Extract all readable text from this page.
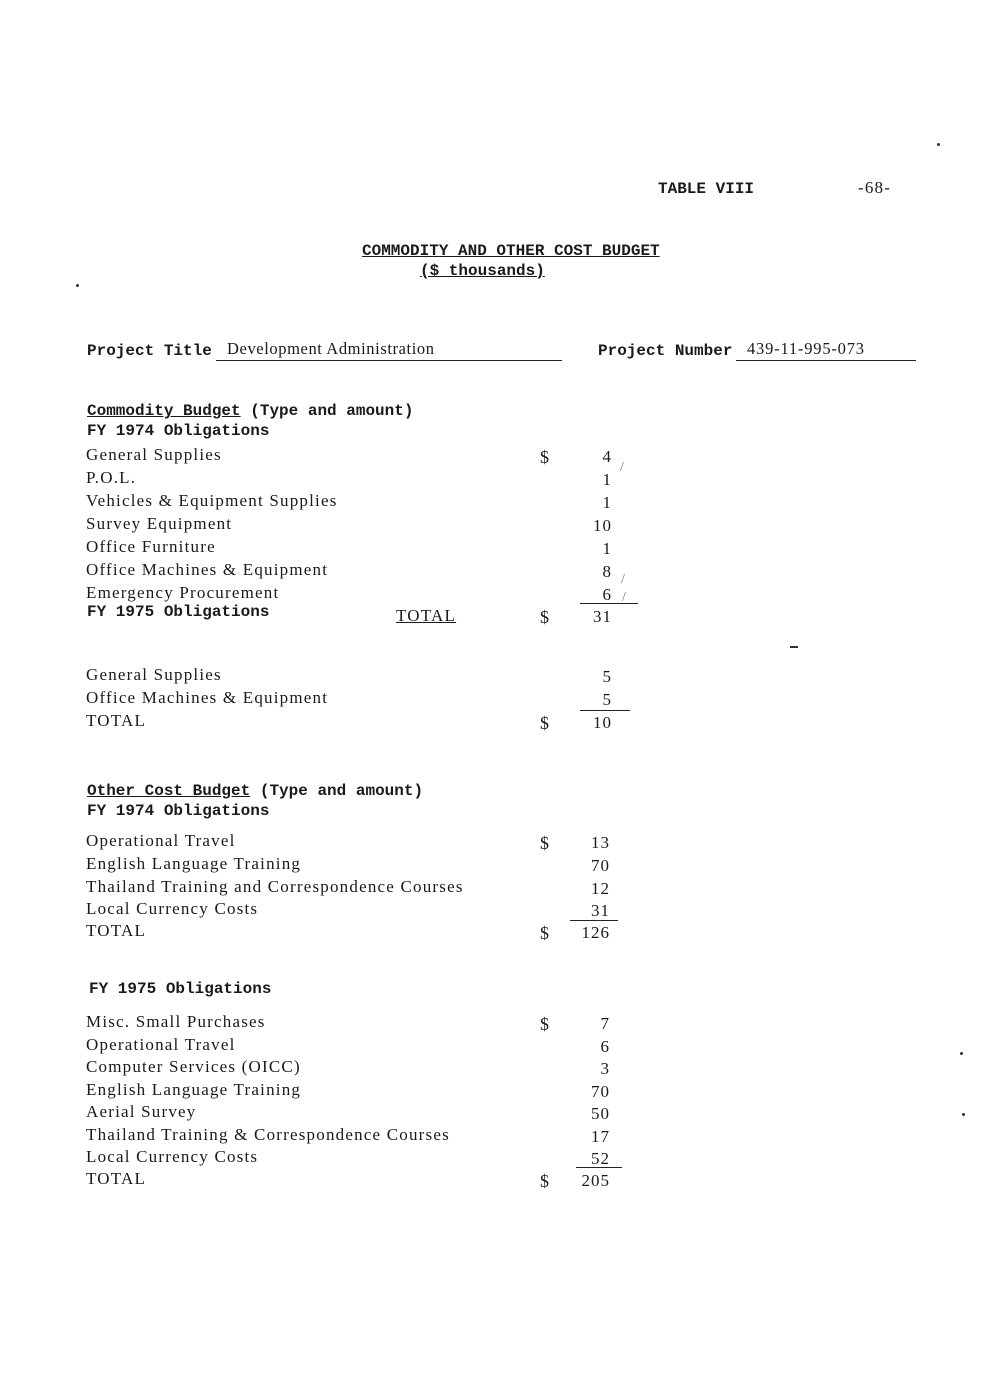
TABLE VIII	-68-
COMMODITY AND OTHER COST BUDGET
($ thousands)
Project Title Development Administration	Project Number 439-11-995-073
Commodity Budget (Type and amount)
FY 1974 Obligations
General Supplies	$	4
P.O.L.	1
Vehicles & Equipment Supplies	1
Survey Equipment	10
Office Furniture	1
Office Machines & Equipment	8
Emergency Procurement	6
/
/
/
FY 1975 Obligations	TOTAL	$	31
General Supplies	5
Office Machines & Equipment	5
TOTAL	$	10
Other Cost Budget (Type and amount)
FY 1974 Obligations
Operational Travel	$	13
English Language Training	70
Thailand Training and Correspondence Courses	12
Local Currency Costs	31
TOTAL	$	126
FY 1975 Obligations
Misc. Small Purchases	$	7
Operational Travel	6
Computer Services (OICC)	3
English Language Training	70
Aerial Survey	50
Thailand Training & Correspondence Courses	17
Local Currency Costs	52
TOTAL	$	205
